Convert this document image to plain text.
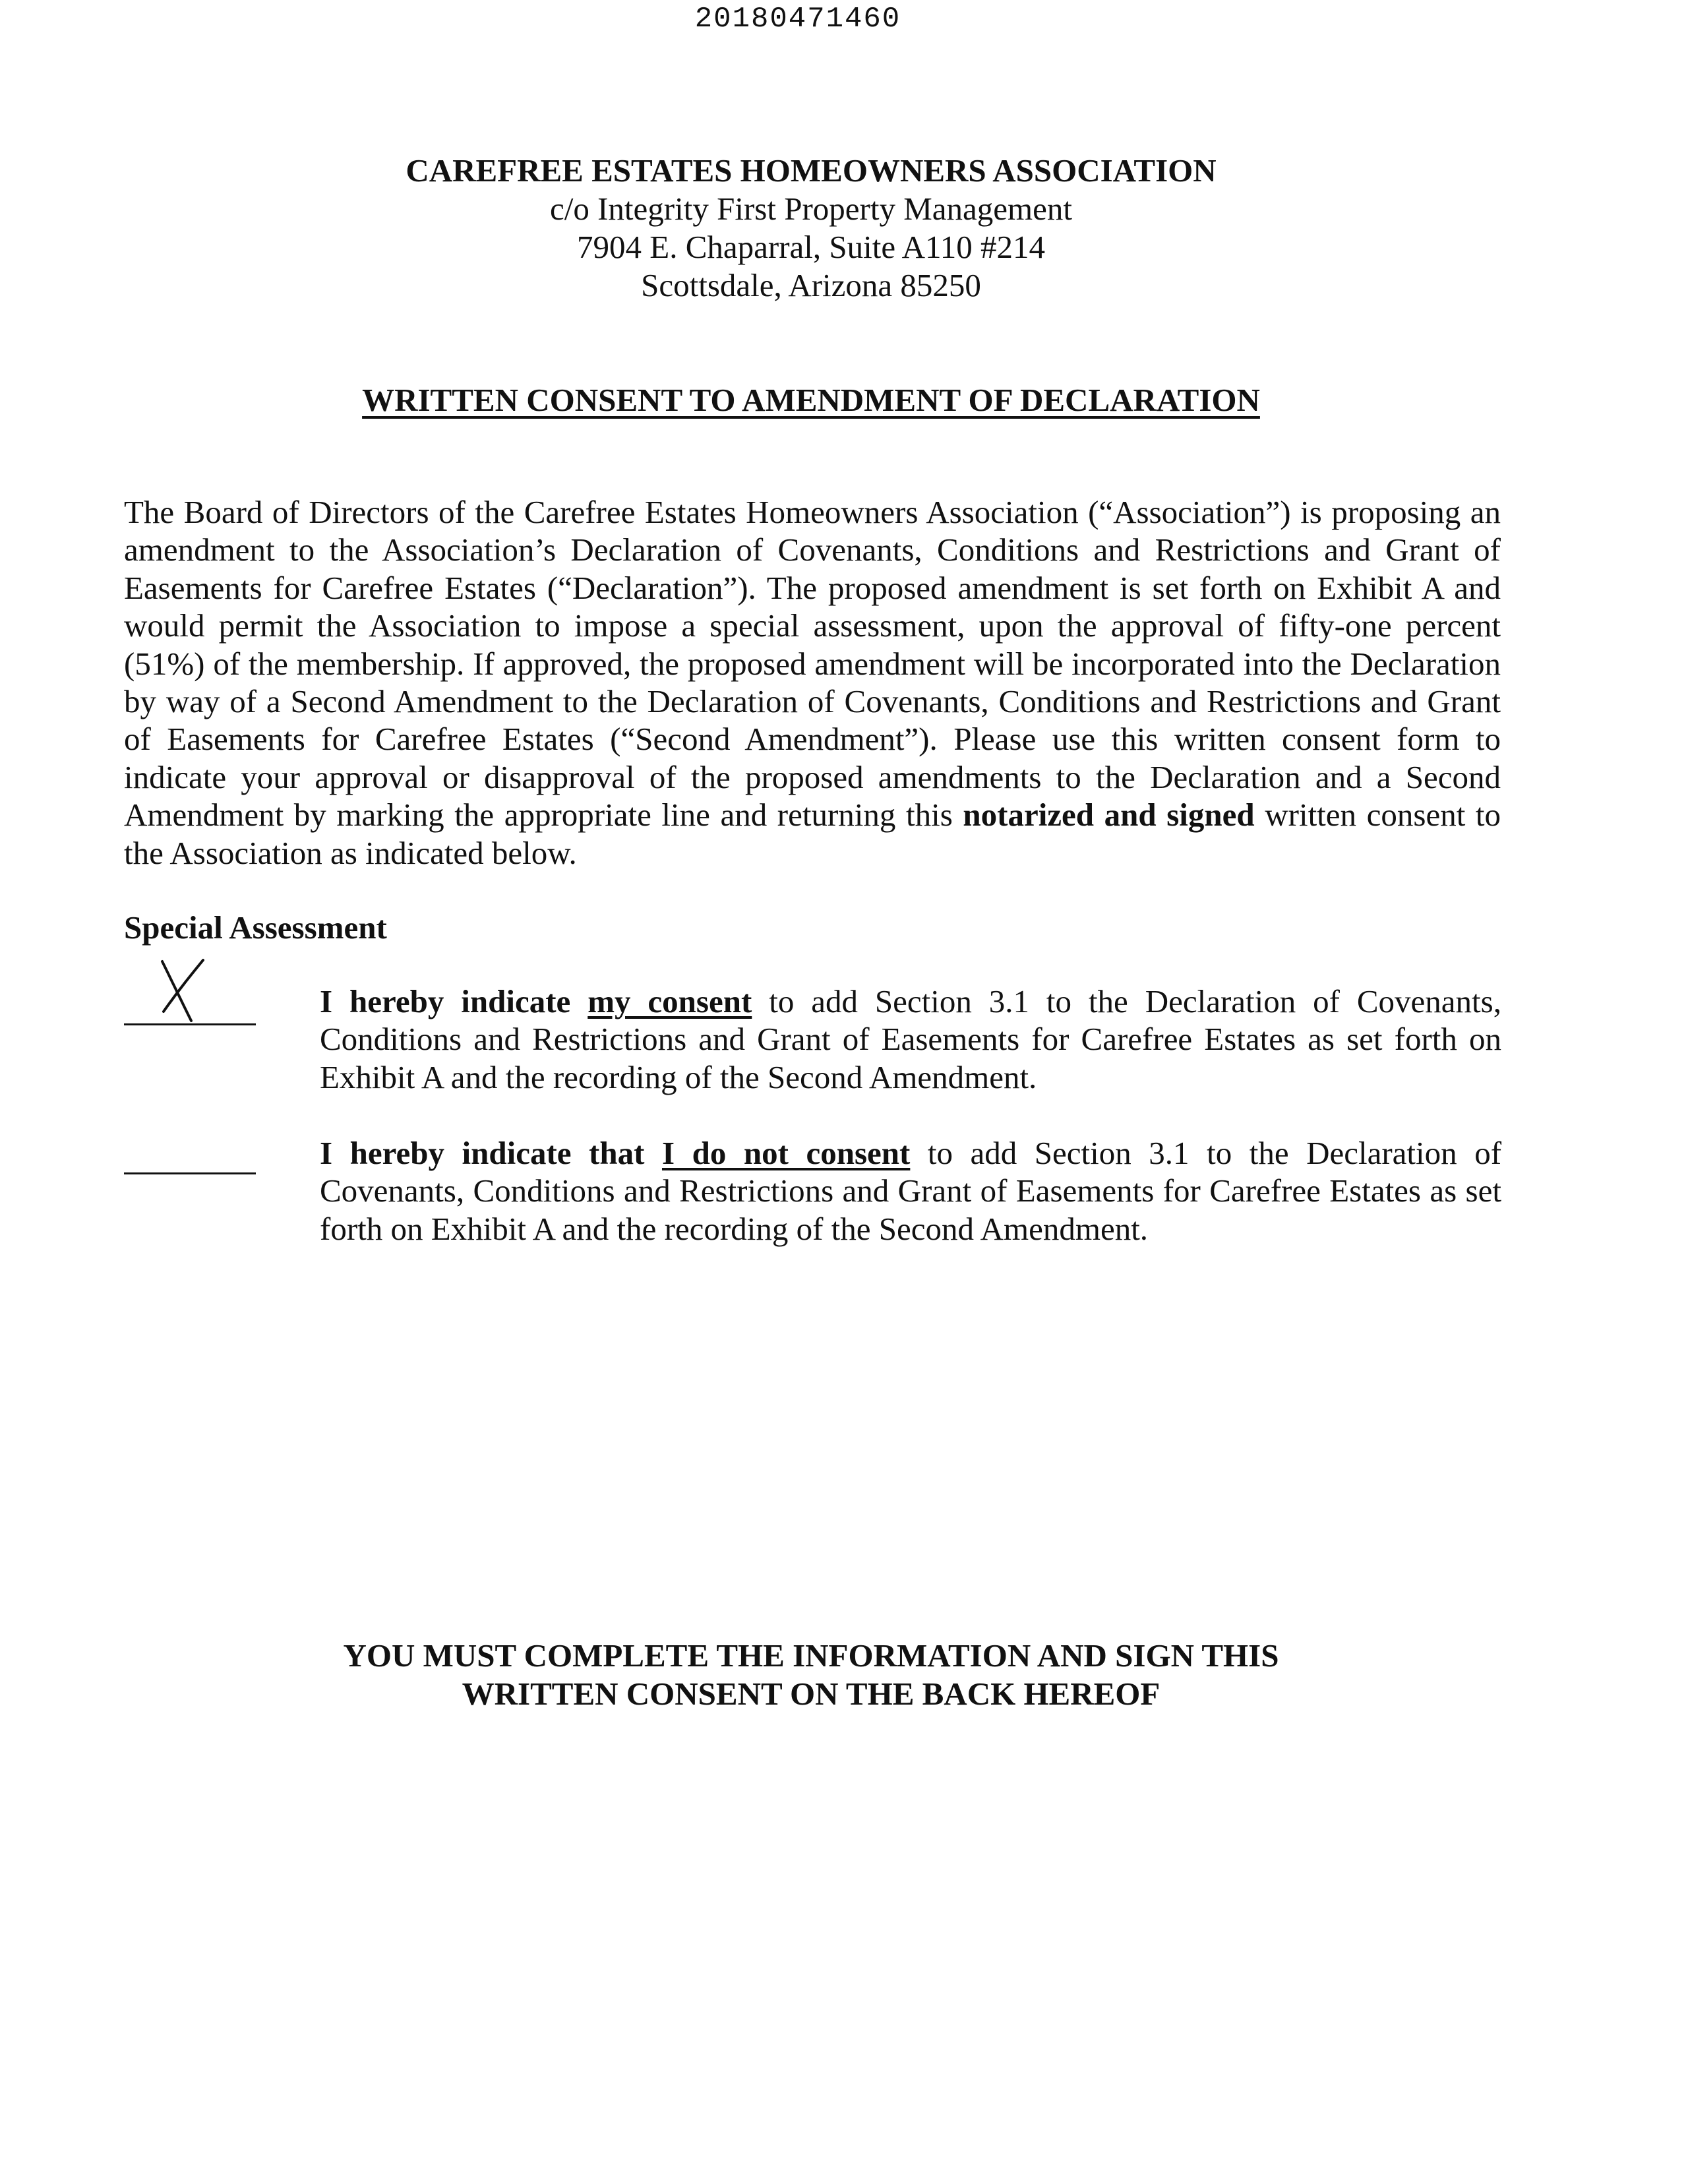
20180471460
CAREFREE ESTATES HOMEOWNERS ASSOCIATION
c/o Integrity First Property Management
7904 E. Chaparral, Suite A110 #214
Scottsdale, Arizona 85250
WRITTEN CONSENT TO AMENDMENT OF DECLARATION

The Board of Directors of the Carefree Estates Homeowners Association (“Association”) is proposing an amendment to the Association’s Declaration of Covenants, Conditions and Restrictions and Grant of Easements for Carefree Estates (“Declaration”). The proposed amendment is set forth on Exhibit A and would permit the Association to impose a special assessment, upon the approval of fifty-one percent (51%) of the membership. If approved, the proposed amendment will be incorporated into the Declaration by way of a Second Amendment to the Declaration of Covenants, Conditions and Restrictions and Grant of Easements for Carefree Estates (“Second Amendment”). Please use this written consent form to indicate your approval or disapproval of the proposed amendments to the Declaration and a Second Amendment by marking the appropriate line and returning this notarized and signed written consent to the Association as indicated below.

Special Assessment

I hereby indicate my consent to add Section 3.1 to the Declaration of Covenants, Conditions and Restrictions and Grant of Easements for Carefree Estates as set forth on Exhibit A and the recording of the Second Amendment.

I hereby indicate that I do not consent to add Section 3.1 to the Declaration of Covenants, Conditions and Restrictions and Grant of Easements for Carefree Estates as set forth on Exhibit A and the recording of the Second Amendment.

YOU MUST COMPLETE THE INFORMATION AND SIGN THIS
WRITTEN CONSENT ON THE BACK HEREOF
